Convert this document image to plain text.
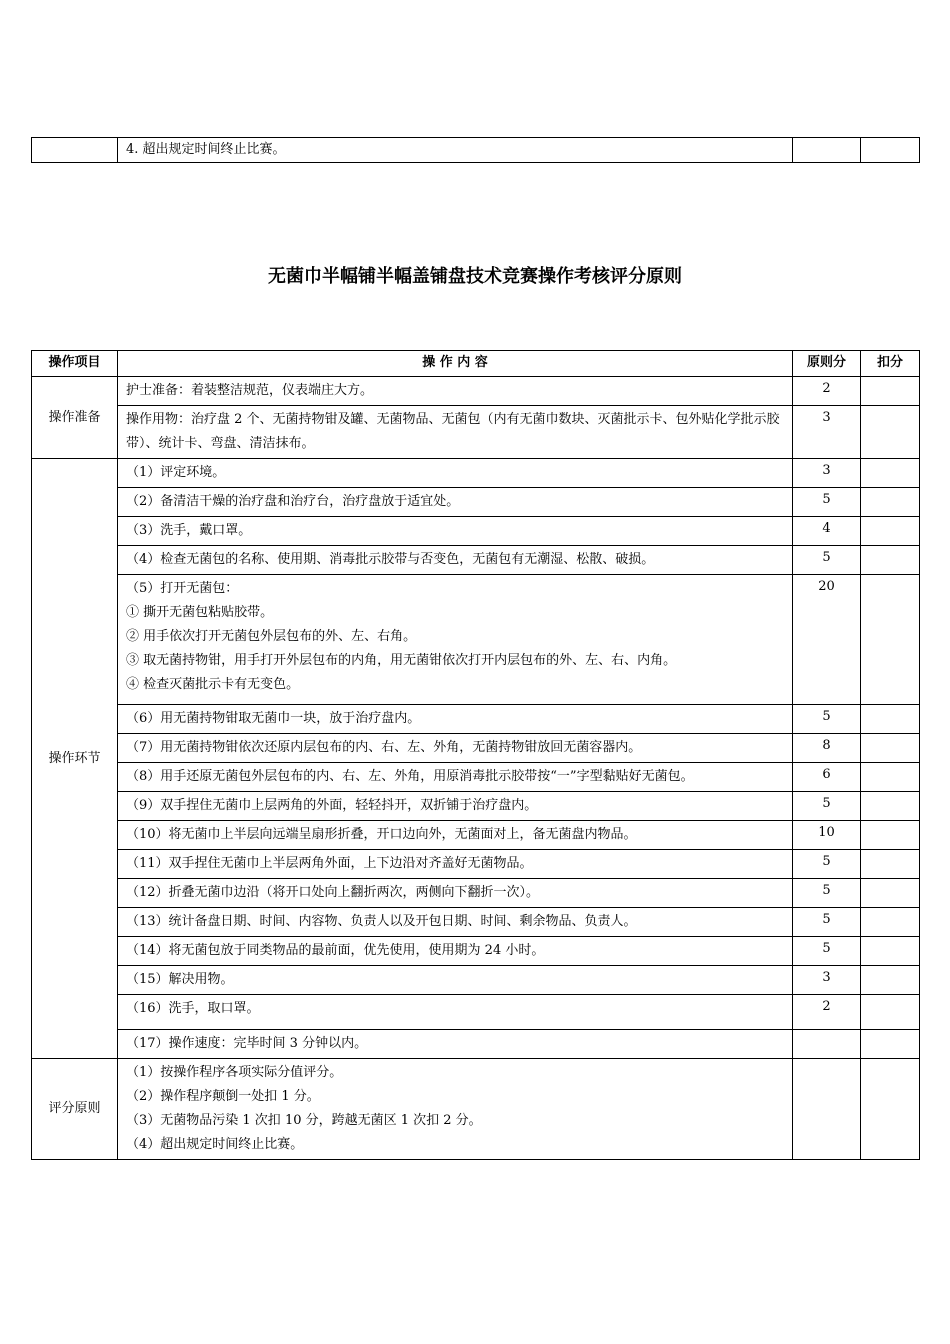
	4. 超出规定时间终止比赛。		
无菌巾半幅铺半幅盖铺盘技术竞赛操作考核评分原则
操作项目	操 作 内 容	原则分	扣分
操作准备	护士准备：着装整洁规范，仪表端庄大方。	2	
	操作用物：治疗盘 2 个、无菌持物钳及罐、无菌物品、无菌包（内有无菌巾数块、灭菌批示卡、包外贴化学批示胶带）、统计卡、弯盘、清洁抹布。	3	
操作环节	（1）评定环境。	3	
	（2）备清洁干燥的治疗盘和治疗台，治疗盘放于适宜处。	5	
	（3）洗手，戴口罩。	4	
	（4）检查无菌包的名称、使用期、消毒批示胶带与否变色，无菌包有无潮湿、松散、破损。	5	

	（5）打开无菌包：
① 撕开无菌包粘贴胶带。
② 用手依次打开无菌包外层包布的外、左、右角。
③ 取无菌持物钳，用手打开外层包布的内角，用无菌钳依次打开内层包布的外、左、右、内角。
④ 检查灭菌批示卡有无变色。	20	
	（6）用无菌持物钳取无菌巾一块，放于治疗盘内。	5	
	（7）用无菌持物钳依次还原内层包布的内、右、左、外角，无菌持物钳放回无菌容器内。	8	
	（8）用手还原无菌包外层包布的内、右、左、外角，用原消毒批示胶带按“一”字型黏贴好无菌包。	6	
	（9）双手捏住无菌巾上层两角的外面，轻轻抖开，双折铺于治疗盘内。	5	
	（10）将无菌巾上半层向远端呈扇形折叠，开口边向外，无菌面对上，备无菌盘内物品。	10	
	（11）双手捏住无菌巾上半层两角外面，上下边沿对齐盖好无菌物品。	5	
	（12）折叠无菌巾边沿（将开口处向上翻折两次，两侧向下翻折一次）。	5	
	（13）统计备盘日期、时间、内容物、负责人以及开包日期、时间、剩余物品、负责人。	5	
	（14）将无菌包放于同类物品的最前面，优先使用，使用期为 24 小时。	5	
	（15）解决用物。	3	
	（16）洗手，取口罩。	2	
	（17）操作速度：完毕时间 3 分钟以内。		
评分原则	（1）按操作程序各项实际分值评分。
（2）操作程序颠倒一处扣 1 分。
（3）无菌物品污染 1 次扣 10 分，跨越无菌区 1 次扣 2 分。
（4）超出规定时间终止比赛。		
